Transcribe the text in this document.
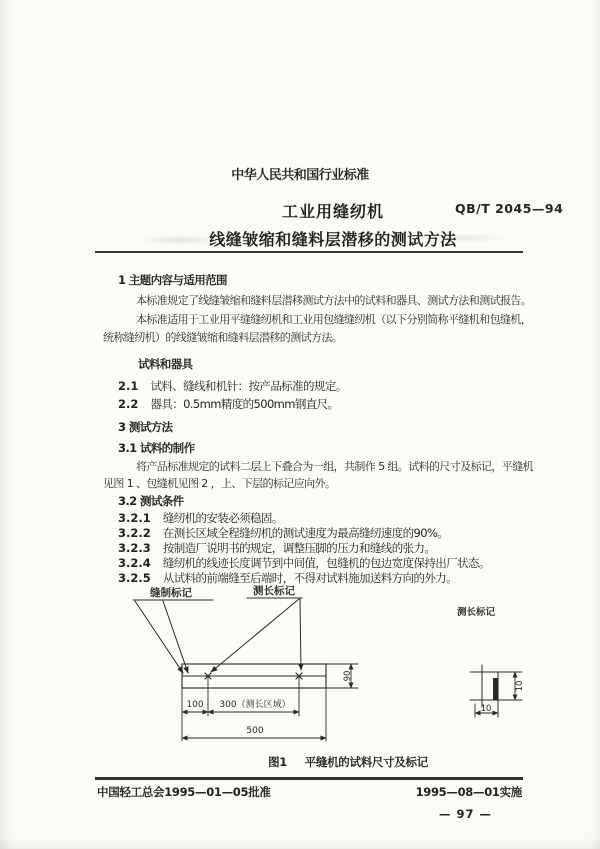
中华人民共和国行业标准
QB/T 2045—94
工业用缝纫机
线缝皱缩和缝料层潜移的测试方法
1 主题内容与适用范围
本标准规定了线缝皱缩和缝料层潜移测试方法中的试料和器具、测试方法和测试报告。
本标准适用于工业用平缝缝纫机和工业用包缝缝纫机（以下分别简称平缝机和包缝机，
统称缝纫机）的线缝皱缩和缝料层潜移的测试方法。
试料和器具
2.1 试料、缝线和机针：按产品标准的规定。
2.2 器具：0.5mm精度的500mm钢直尺。
3 测试方法
3.1 试料的制作
将产品标准规定的试料二层上下叠合为一组，共制作 5 组。试料的尺寸及标记，平缝机
见图 1 、包缝机见图 2 ，上、下层的标记应向外。
3.2 测试条件
3.2.1 缝纫机的安装必须稳固。
3.2.2 在测长区域全程缝纫机的测试速度为最高缝纫速度的90%。
3.2.3 按制造厂说明书的规定，调整压脚的压力和缝线的张力。
3.2.4 缝纫机的线迹长度调节到中间值，包缝机的包边宽度保持出厂状态。
3.2.5 从试料的前端缝至后端时，不得对试料施加送料方向的外力。
缝制标记	测长标记
90
100 300（测长区域）
500
测长标记
10
10
图1 平缝机的试料尺寸及标记
中国轻工总会1995—01—05批准	1995—08—01实施
— 97 —
